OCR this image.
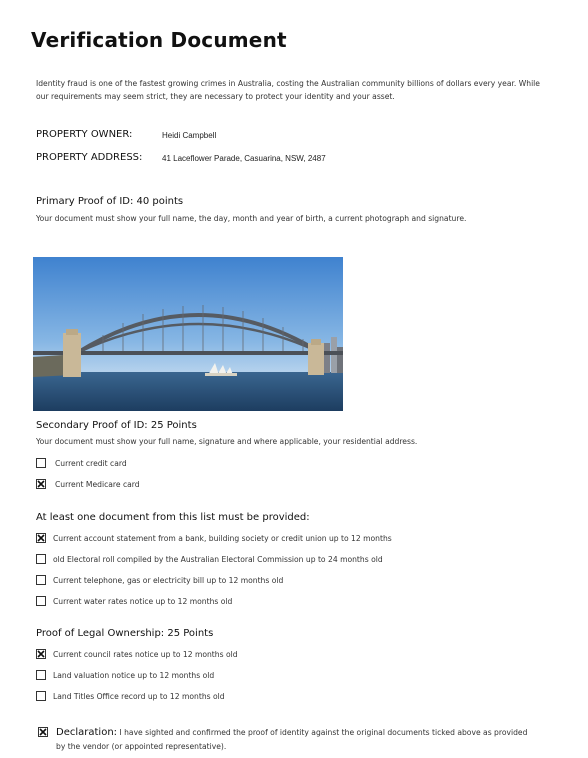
Verification Document
Identity fraud is one of the fastest growing crimes in Australia, costing the Australian community billions of dollars every year. While our requirements may seem strict, they are necessary to protect your identity and your asset.
PROPERTY OWNER:	Heidi Campbell
PROPERTY ADDRESS: 41 Laceflower Parade, Casuarina, NSW, 2487
Primary Proof of ID: 40 points
Your document must show your full name, the day, month and year of birth, a current photograph and signature.
Secondary Proof of ID: 25 Points
Your document must show your full name, signature and where applicable, your residential address.
Current credit card
Current Medicare card
At least one document from this list must be provided:
Current account statement from a bank, building society or credit union up to 12 months
old Electoral roll compiled by the Australian Electoral Commission up to 24 months old
Current telephone, gas or electricity bill up to 12 months old
Current water rates notice up to 12 months old
Proof of Legal Ownership: 25 Points
Current council rates notice up to 12 months old
Land valuation notice up to 12 months old
Land Titles Office record up to 12 months old
Declaration: I have sighted and confirmed the proof of identity against the original documents ticked above as provided by the vendor (or appointed representative).
